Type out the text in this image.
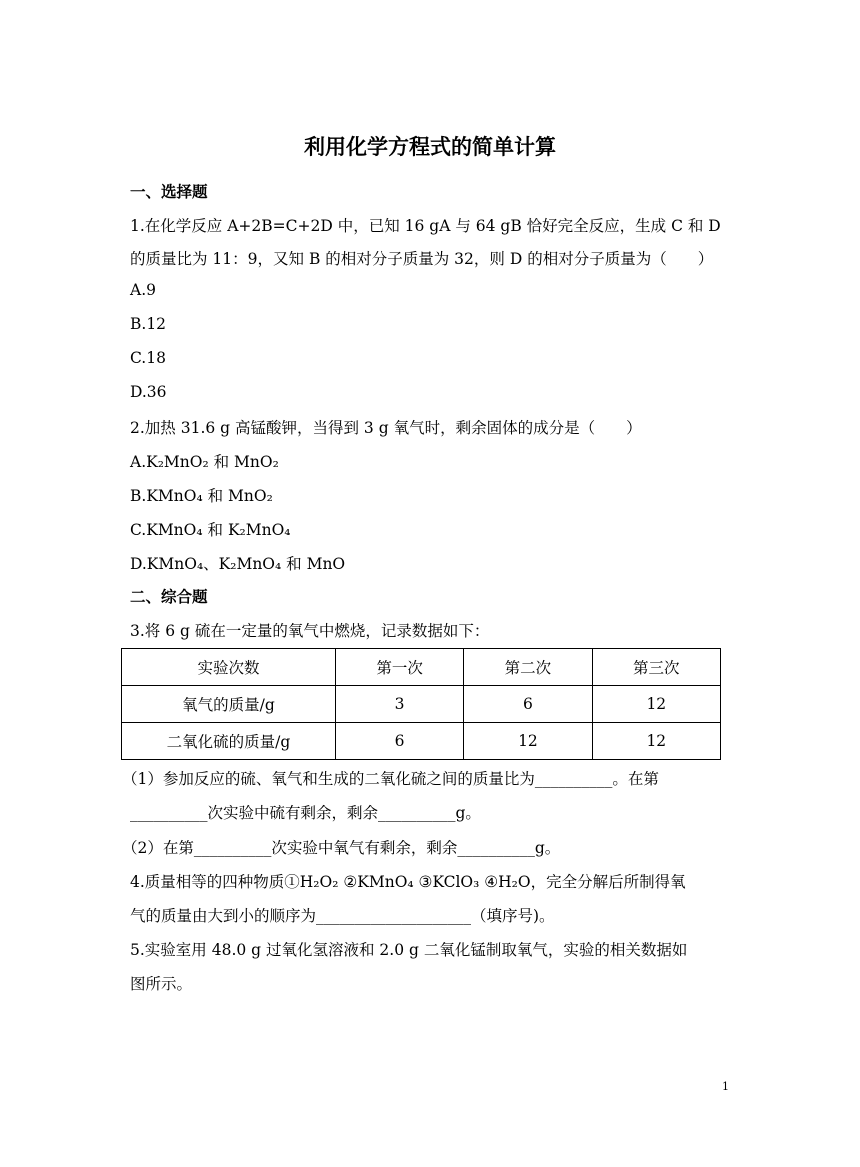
利用化学方程式的简单计算
一、选择题
1.在化学反应 A+2B=C+2D 中，已知 16 gA 与 64 gB 恰好完全反应，生成 C 和 D
的质量比为 11：9，又知 B 的相对分子质量为 32，则 D 的相对分子质量为（　　）
A.9
B.12
C.18
D.36
2.加热 31.6 g 高锰酸钾，当得到 3 g 氧气时，剩余固体的成分是（　　）
A.K₂MnO₂ 和 MnO₂
B.KMnO₄ 和 MnO₂
C.KMnO₄ 和 K₂MnO₄
D.KMnO₄、K₂MnO₄ 和 MnO
二、综合题
3.将 6 g 硫在一定量的氧气中燃烧，记录数据如下：
实验次数	第一次	第二次	第三次
氧气的质量/g	3	6	12
二氧化硫的质量/g	6	12	12
（1）参加反应的硫、氧气和生成的二氧化硫之间的质量比为__________。在第
__________次实验中硫有剩余，剩余__________g。
（2）在第__________次实验中氧气有剩余，剩余__________g。
4.质量相等的四种物质①H₂O₂ ②KMnO₄ ③KClO₃ ④H₂O，完全分解后所制得氧
气的质量由大到小的顺序为____________________（填序号)。
5.实验室用 48.0 g 过氧化氢溶液和 2.0 g 二氧化锰制取氧气，实验的相关数据如
图所示。
1
